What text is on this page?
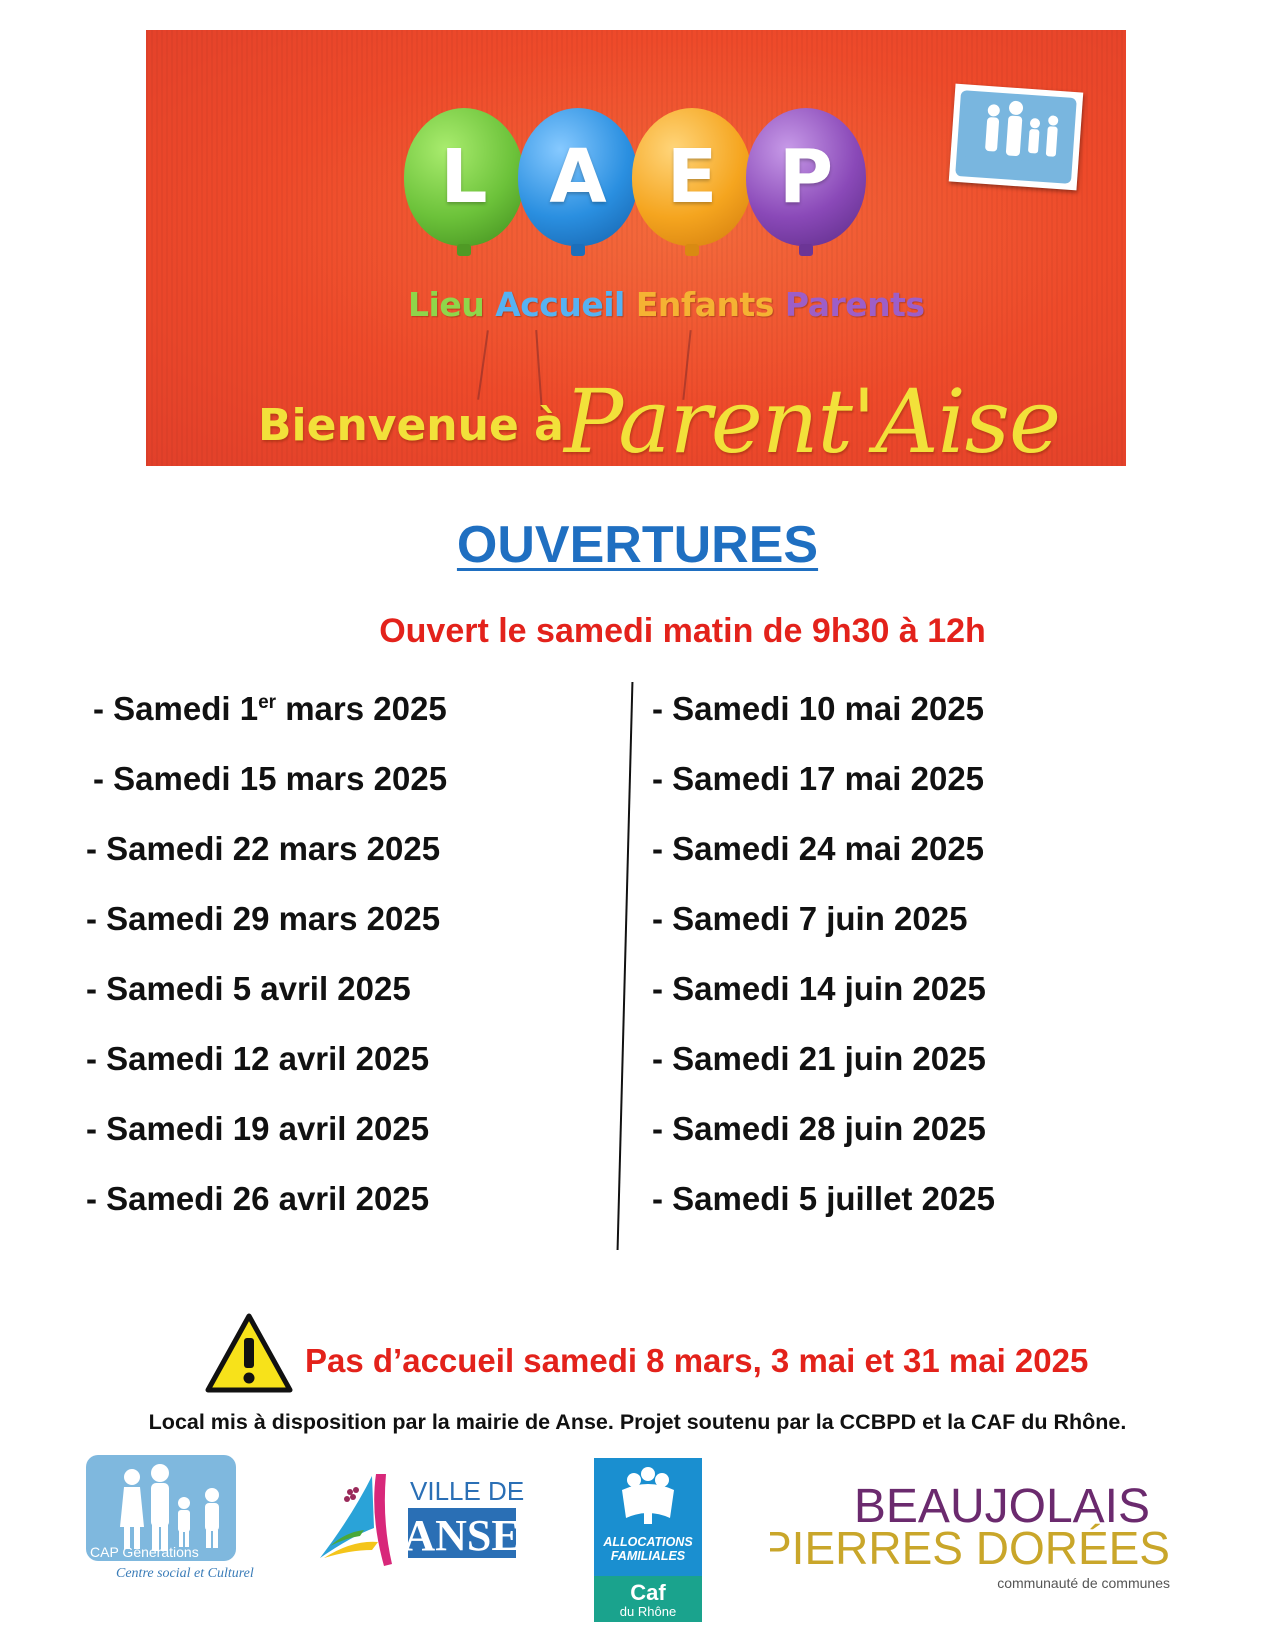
L A E P
Lieu Accueil Enfants Parents
Bienvenue à Parent'Aise
OUVERTURES
Ouvert le samedi matin de 9h30 à 12h
- Samedi 1er mars 2025
- Samedi 15 mars 2025
- Samedi 22 mars 2025
- Samedi 29 mars 2025
- Samedi 5 avril 2025
- Samedi 12 avril 2025
- Samedi 19 avril 2025
- Samedi 26 avril 2025
- Samedi 10 mai 2025
- Samedi 17 mai 2025
- Samedi 24 mai 2025
- Samedi 7 juin 2025
- Samedi 14 juin 2025
- Samedi 21 juin 2025
- Samedi 28 juin 2025
- Samedi 5 juillet 2025
Pas d’accueil samedi 8 mars, 3 mai et 31 mai 2025
Local mis à disposition par la mairie de Anse. Projet soutenu par la CCBPD et la CAF du Rhône.
CAP Générations
Centre social et Culturel
VILLE DE
ANSE	ALLOCATIONS
FAMILIALES
Caf
du Rhône
BEAUJOLAIS
PIERRES DORÉES
communauté de communes
